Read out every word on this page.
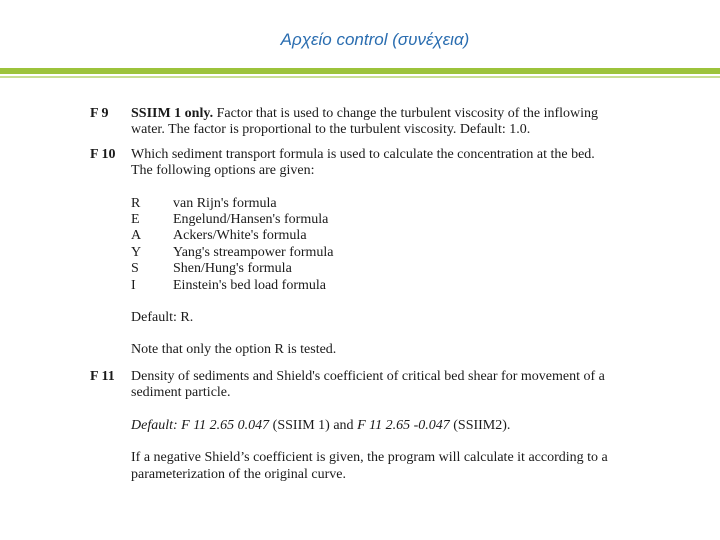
Αρχείο control (συνέχεια)
F 9 SSIIM 1 only. Factor that is used to change the turbulent viscosity of the inflowing
water. The factor is proportional to the turbulent viscosity. Default: 1.0.

F 10 Which sediment transport formula is used to calculate the concentration at the bed.
The following options are given:

R van Rijn's formula
E Engelund/Hansen's formula
A Ackers/White's formula
Y Yang's streampower formula
S Shen/Hung's formula
I	Einstein's bed load formula

Default: R.

Note that only the option R is tested.

F 11 Density of sediments and Shield's coefficient of critical bed shear for movement of a
sediment particle.

Default: F 11 2.65 0.047 (SSIIM 1) and F 11 2.65 -0.047 (SSIIM2).

If a negative Shield’s coefficient is given, the program will calculate it according to a
parameterization of the original curve.
